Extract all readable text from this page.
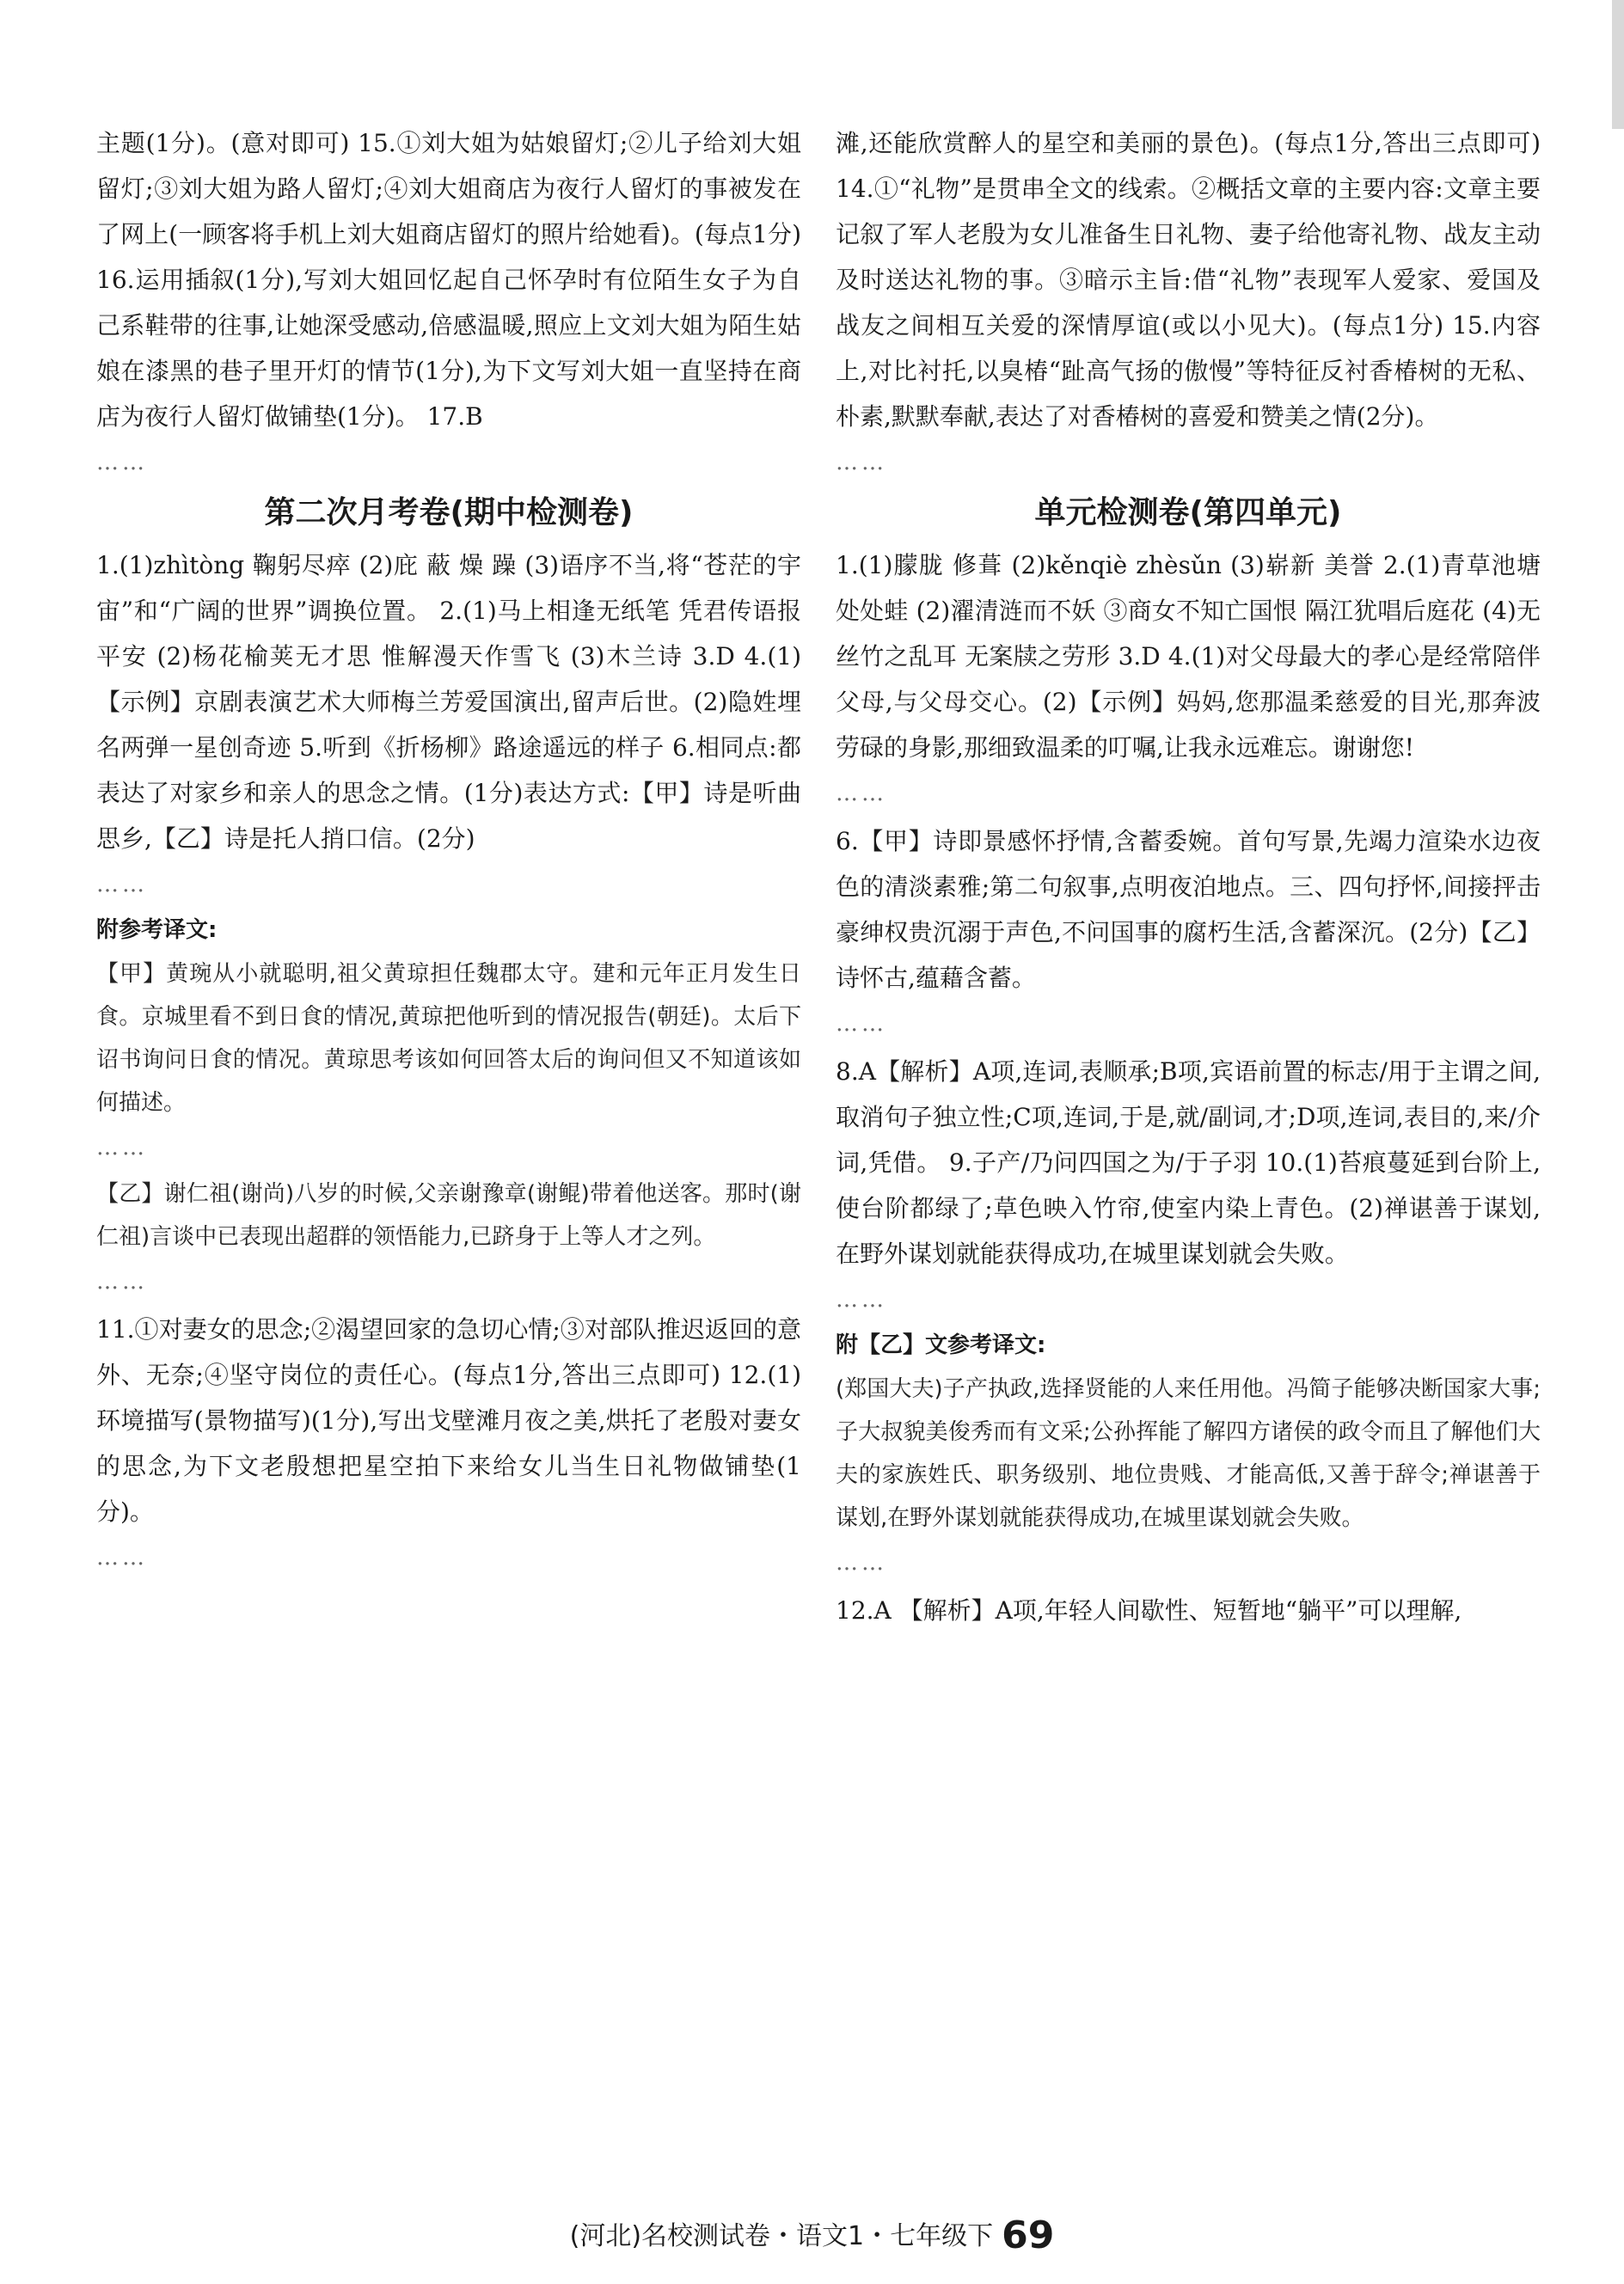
主题(1分)。(意对即可) 15.①刘大姐为姑娘留灯;②儿子给刘大姐留灯;③刘大姐为路人留灯;④刘大姐商店为夜行人留灯的事被发在了网上(一顾客将手机上刘大姐商店留灯的照片给她看)。(每点1分) 16.运用插叙(1分),写刘大姐回忆起自己怀孕时有位陌生女子为自己系鞋带的往事,让她深受感动,倍感温暖,照应上文刘大姐为陌生姑娘在漆黑的巷子里开灯的情节(1分),为下文写刘大姐一直坚持在商店为夜行人留灯做铺垫(1分)。 17.B

……

第二次月考卷(期中检测卷)

1.(1)zhìtòng 鞠躬尽瘁 (2)庇 蔽 燥 躁 (3)语序不当,将“苍茫的宇宙”和“广阔的世界”调换位置。 2.(1)马上相逢无纸笔 凭君传语报平安 (2)杨花榆荚无才思 惟解漫天作雪飞 (3)木兰诗 3.D 4.(1)【示例】京剧表演艺术大师梅兰芳爱国演出,留声后世。(2)隐姓埋名两弹一星创奇迹 5.听到《折杨柳》路途遥远的样子 6.相同点:都表达了对家乡和亲人的思念之情。(1分)表达方式:【甲】诗是听曲思乡,【乙】诗是托人捎口信。(2分)

……

附参考译文:

【甲】黄琬从小就聪明,祖父黄琼担任魏郡太守。建和元年正月发生日食。京城里看不到日食的情况,黄琼把他听到的情况报告(朝廷)。太后下诏书询问日食的情况。黄琼思考该如何回答太后的询问但又不知道该如何描述。

……

【乙】谢仁祖(谢尚)八岁的时候,父亲谢豫章(谢鲲)带着他送客。那时(谢仁祖)言谈中已表现出超群的领悟能力,已跻身于上等人才之列。

……

11.①对妻女的思念;②渴望回家的急切心情;③对部队推迟返回的意外、无奈;④坚守岗位的责任心。(每点1分,答出三点即可) 12.(1)环境描写(景物描写)(1分),写出戈壁滩月夜之美,烘托了老殷对妻女的思念,为下文老殷想把星空拍下来给女儿当生日礼物做铺垫(1分)。

……

滩,还能欣赏醉人的星空和美丽的景色)。(每点1分,答出三点即可) 14.①“礼物”是贯串全文的线索。②概括文章的主要内容:文章主要记叙了军人老殷为女儿准备生日礼物、妻子给他寄礼物、战友主动及时送达礼物的事。③暗示主旨:借“礼物”表现军人爱家、爱国及战友之间相互关爱的深情厚谊(或以小见大)。(每点1分) 15.内容上,对比衬托,以臭椿“趾高气扬的傲慢”等特征反衬香椿树的无私、朴素,默默奉献,表达了对香椿树的喜爱和赞美之情(2分)。

……

单元检测卷(第四单元)

1.(1)朦胧 修葺 (2)kěnqiè zhèsǔn (3)崭新 美誉 2.(1)青草池塘处处蛙 (2)濯清涟而不妖 ③商女不知亡国恨 隔江犹唱后庭花 (4)无丝竹之乱耳 无案牍之劳形 3.D 4.(1)对父母最大的孝心是经常陪伴父母,与父母交心。(2)【示例】妈妈,您那温柔慈爱的目光,那奔波劳碌的身影,那细致温柔的叮嘱,让我永远难忘。谢谢您!

……

6.【甲】诗即景感怀抒情,含蓄委婉。首句写景,先竭力渲染水边夜色的清淡素雅;第二句叙事,点明夜泊地点。三、四句抒怀,间接抨击豪绅权贵沉溺于声色,不问国事的腐朽生活,含蓄深沉。(2分)【乙】诗怀古,蕴藉含蓄。

……

8.A【解析】A项,连词,表顺承;B项,宾语前置的标志/用于主谓之间,取消句子独立性;C项,连词,于是,就/副词,才;D项,连词,表目的,来/介词,凭借。 9.子产/乃问四国之为/于子羽 10.(1)苔痕蔓延到台阶上,使台阶都绿了;草色映入竹帘,使室内染上青色。(2)禅谌善于谋划,在野外谋划就能获得成功,在城里谋划就会失败。

……

附【乙】文参考译文:

(郑国大夫)子产执政,选择贤能的人来任用他。冯简子能够决断国家大事;子大叔貌美俊秀而有文采;公孙挥能了解四方诸侯的政令而且了解他们大夫的家族姓氏、职务级别、地位贵贱、才能高低,又善于辞令;禅谌善于谋划,在野外谋划就能获得成功,在城里谋划就会失败。

……

12.A 【解析】A项,年轻人间歇性、短暂地“躺平”可以理解,

(河北)名校测试卷・语文1・七年级下 69
